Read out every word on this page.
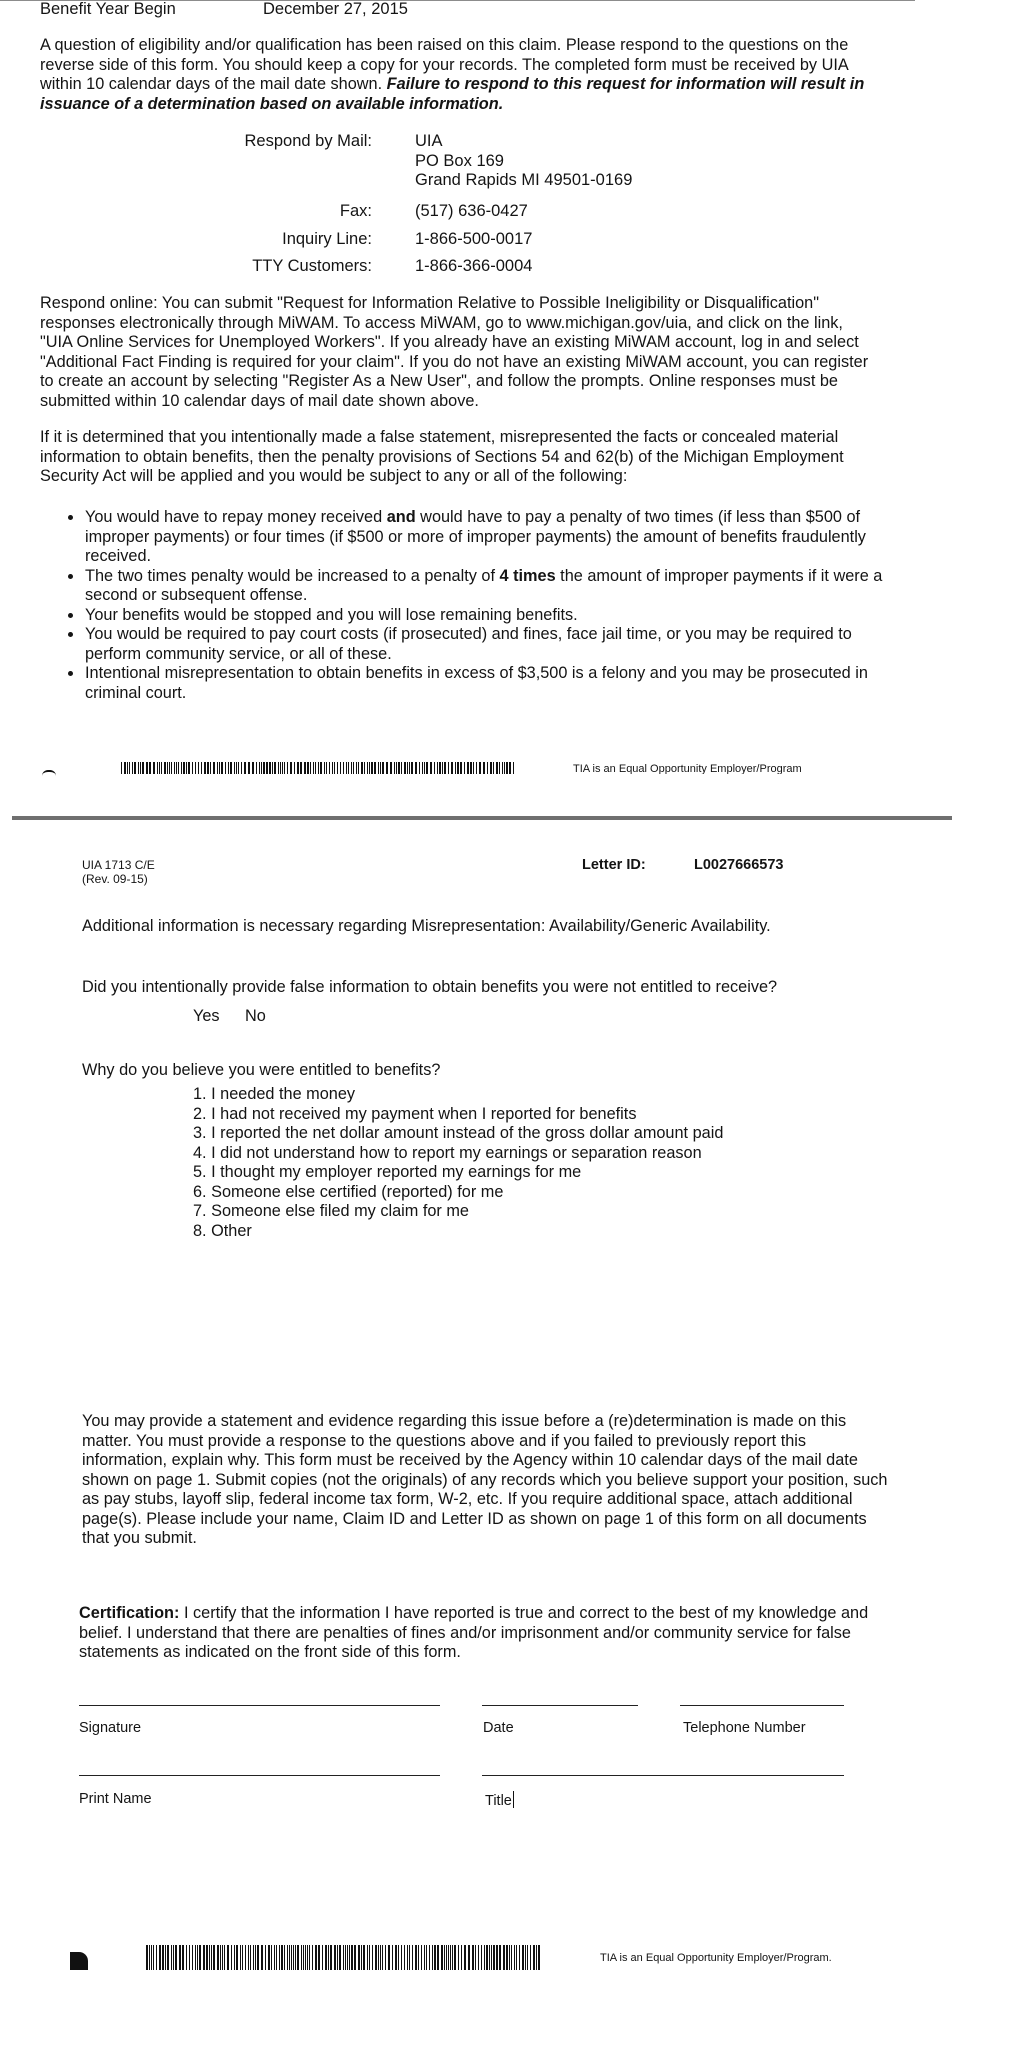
Benefit Year Begin	December 27, 2015
A question of eligibility and/or qualification has been raised on this claim. Please respond to the questions on the reverse side of this form. You should keep a copy for your records. The completed form must be received by UIA within 10 calendar days of the mail date shown. Failure to respond to this request for information will result in issuance of a determination based on available information.
Respond by Mail:	UIA
PO Box 169
Grand Rapids MI 49501-0169
Fax:	(517) 636-0427
Inquiry Line:	1-866-500-0017
TTY Customers:	1-866-366-0004
Respond online: You can submit "Request for Information Relative to Possible Ineligibility or Disqualification" responses electronically through MiWAM. To access MiWAM, go to www.michigan.gov/uia, and click on the link, "UIA Online Services for Unemployed Workers". If you already have an existing MiWAM account, log in and select "Additional Fact Finding is required for your claim". If you do not have an existing MiWAM account, you can register to create an account by selecting "Register As a New User", and follow the prompts. Online responses must be submitted within 10 calendar days of mail date shown above.
If it is determined that you intentionally made a false statement, misrepresented the facts or concealed material information to obtain benefits, then the penalty provisions of Sections 54 and 62(b) of the Michigan Employment Security Act will be applied and you would be subject to any or all of the following:
You would have to repay money received and would have to pay a penalty of two times (if less than $500 of improper payments) or four times (if $500 or more of improper payments) the amount of benefits fraudulently received.
The two times penalty would be increased to a penalty of 4 times the amount of improper payments if it were a second or subsequent offense.
Your benefits would be stopped and you will lose remaining benefits.
You would be required to pay court costs (if prosecuted) and fines, face jail time, or you may be required to perform community service, or all of these.
Intentional misrepresentation to obtain benefits in excess of $3,500 is a felony and you may be prosecuted in criminal court.
TIA is an Equal Opportunity Employer/Program
UIA 1713 C/E
(Rev. 09-15)
Letter ID:	L0027666573
Additional information is necessary regarding Misrepresentation: Availability/Generic Availability.
Did you intentionally provide false information to obtain benefits you were not entitled to receive?
Yes No
Why do you believe you were entitled to benefits?
1. I needed the money
2. I had not received my payment when I reported for benefits
3. I reported the net dollar amount instead of the gross dollar amount paid
4. I did not understand how to report my earnings or separation reason
5. I thought my employer reported my earnings for me
6. Someone else certified (reported) for me
7. Someone else filed my claim for me
8. Other
You may provide a statement and evidence regarding this issue before a (re)determination is made on this matter. You must provide a response to the questions above and if you failed to previously report this information, explain why. This form must be received by the Agency within 10 calendar days of the mail date shown on page 1. Submit copies (not the originals) of any records which you believe support your position, such as pay stubs, layoff slip, federal income tax form, W-2, etc. If you require additional space, attach additional page(s). Please include your name, Claim ID and Letter ID as shown on page 1 of this form on all documents that you submit.
Certification: I certify that the information I have reported is true and correct to the best of my knowledge and belief. I understand that there are penalties of fines and/or imprisonment and/or community service for false statements as indicated on the front side of this form.
Signature	Date	Telephone Number
Print Name	Title
TIA is an Equal Opportunity Employer/Program.
